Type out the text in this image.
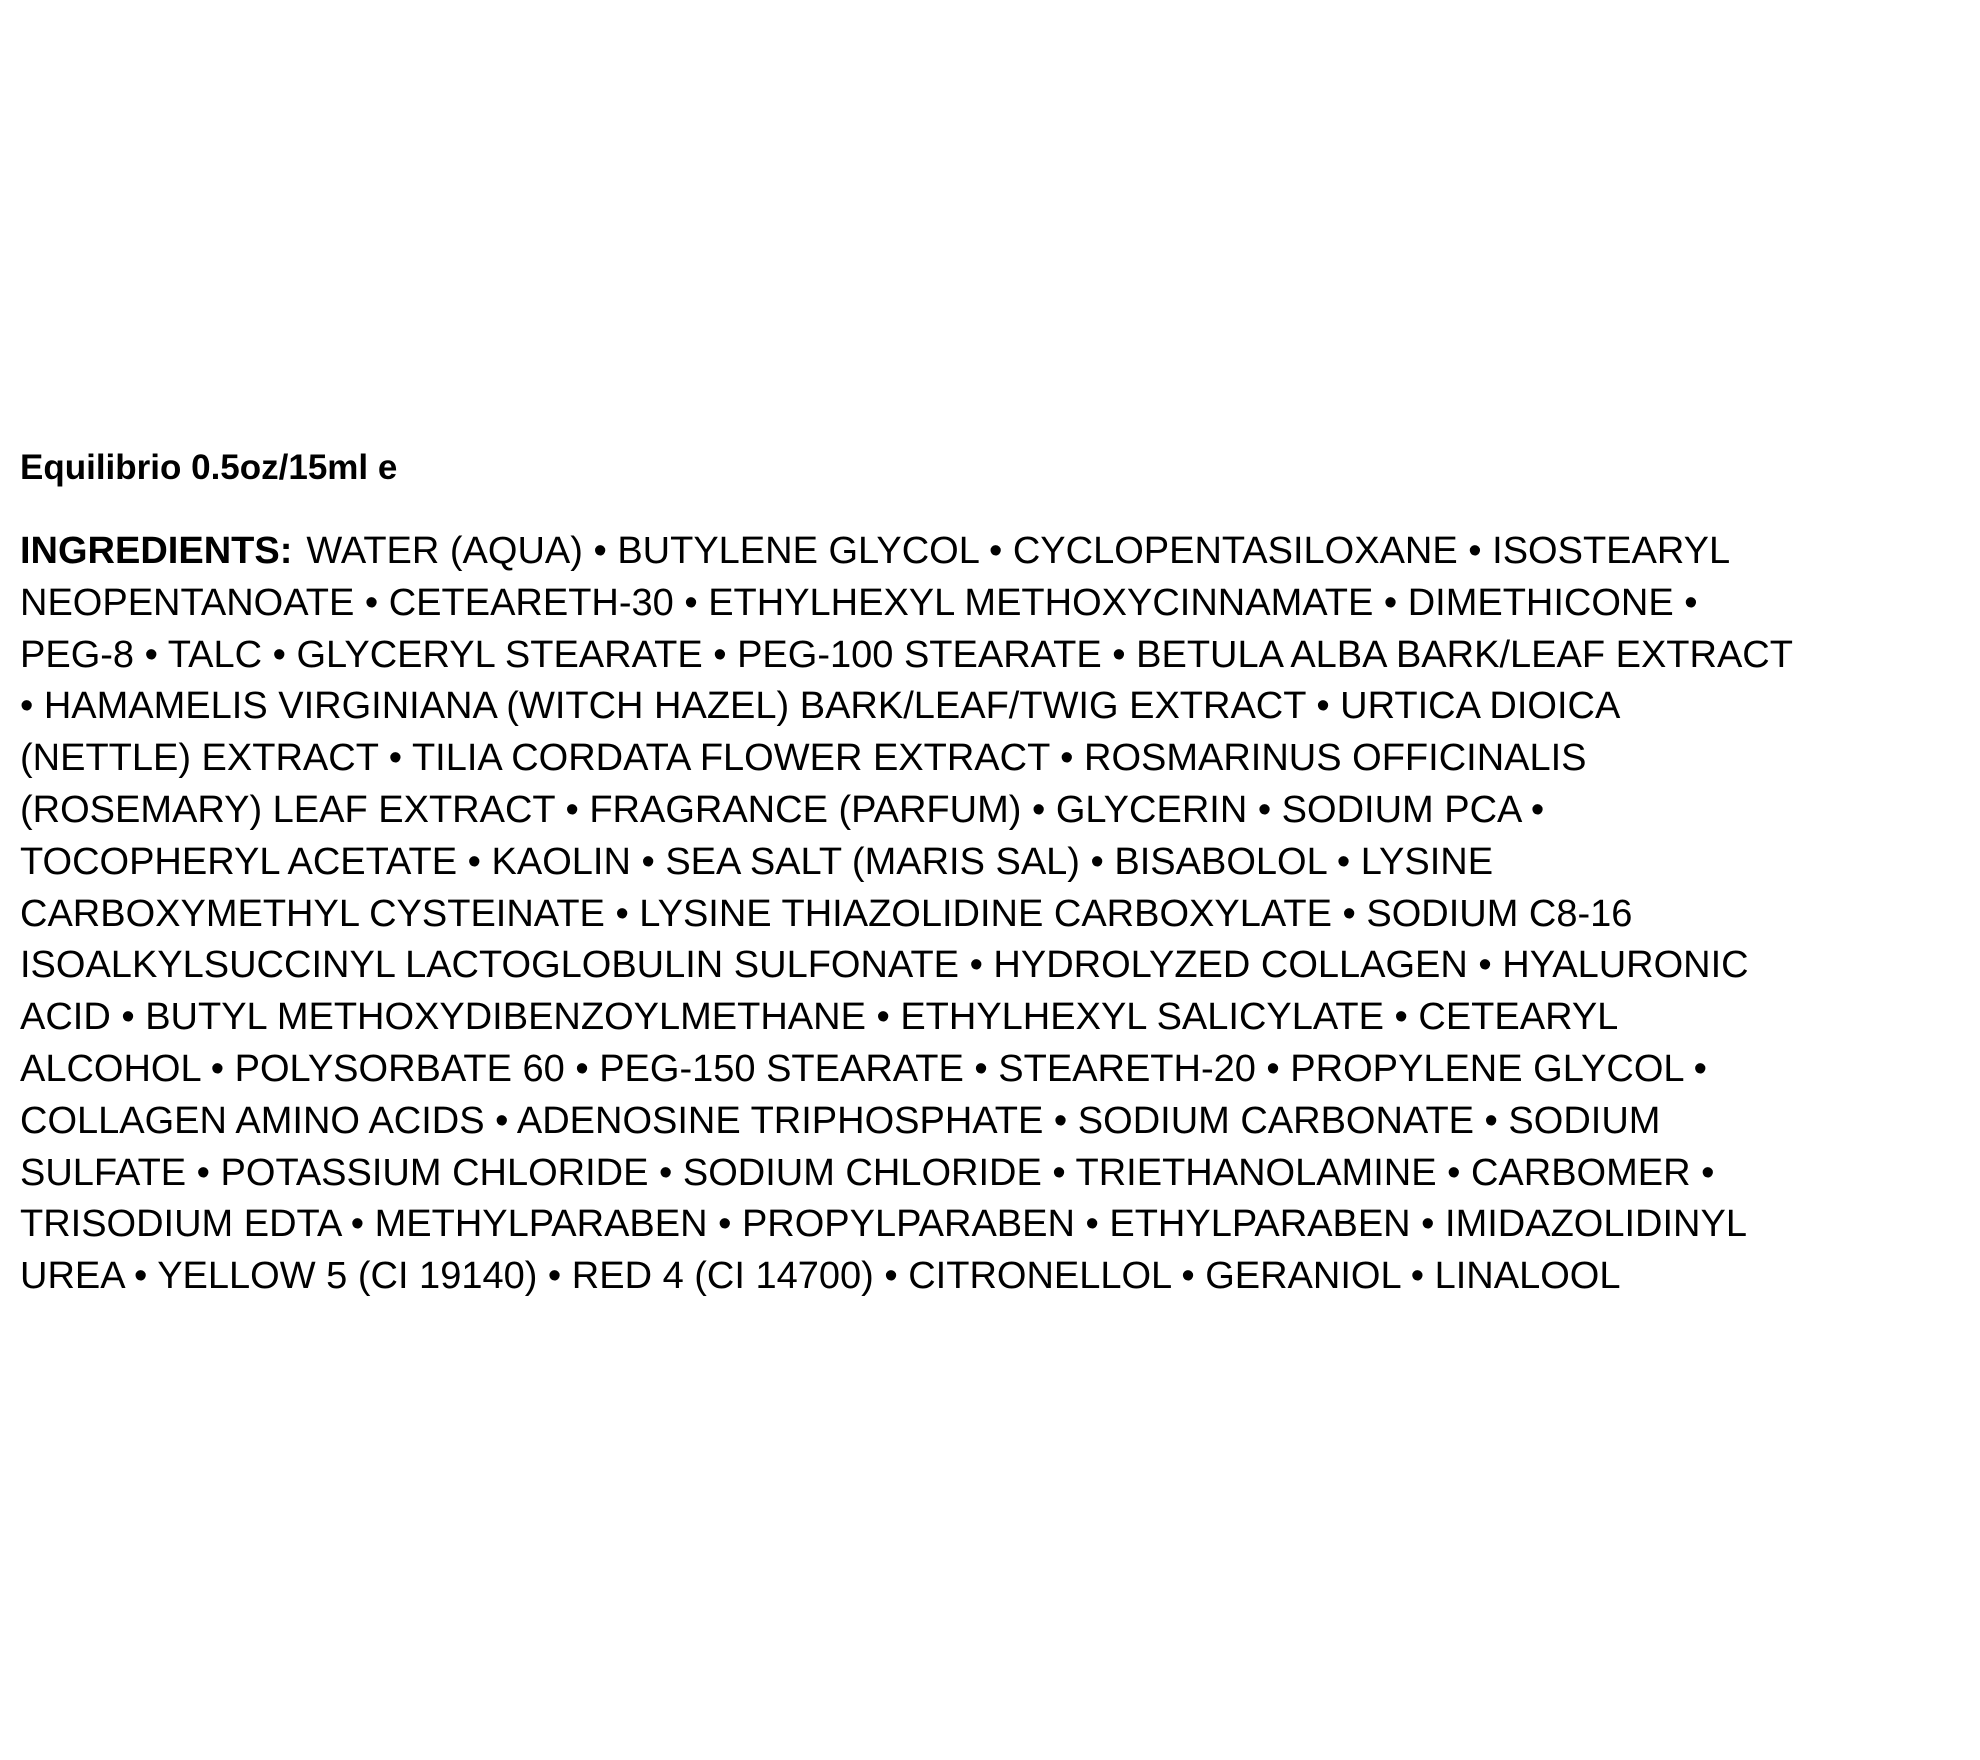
Equilibrio 0.5oz/15ml e
INGREDIENTS: WATER (AQUA) • BUTYLENE GLYCOL • CYCLOPENTASILOXANE • ISOSTEARYL
NEOPENTANOATE • CETEARETH-30 • ETHYLHEXYL METHOXYCINNAMATE • DIMETHICONE •
PEG-8 • TALC • GLYCERYL STEARATE • PEG-100 STEARATE • BETULA ALBA BARK/LEAF EXTRACT
• HAMAMELIS VIRGINIANA (WITCH HAZEL) BARK/LEAF/TWIG EXTRACT • URTICA DIOICA
(NETTLE) EXTRACT • TILIA CORDATA FLOWER EXTRACT • ROSMARINUS OFFICINALIS
(ROSEMARY) LEAF EXTRACT • FRAGRANCE (PARFUM) • GLYCERIN • SODIUM PCA •
TOCOPHERYL ACETATE • KAOLIN • SEA SALT (MARIS SAL) • BISABOLOL • LYSINE
CARBOXYMETHYL CYSTEINATE • LYSINE THIAZOLIDINE CARBOXYLATE • SODIUM C8-16
ISOALKYLSUCCINYL LACTOGLOBULIN SULFONATE • HYDROLYZED COLLAGEN • HYALURONIC
ACID • BUTYL METHOXYDIBENZOYLMETHANE • ETHYLHEXYL SALICYLATE • CETEARYL
ALCOHOL • POLYSORBATE 60 • PEG-150 STEARATE • STEARETH-20 • PROPYLENE GLYCOL •
COLLAGEN AMINO ACIDS • ADENOSINE TRIPHOSPHATE • SODIUM CARBONATE • SODIUM
SULFATE • POTASSIUM CHLORIDE • SODIUM CHLORIDE • TRIETHANOLAMINE • CARBOMER •
TRISODIUM EDTA • METHYLPARABEN • PROPYLPARABEN • ETHYLPARABEN • IMIDAZOLIDINYL
UREA • YELLOW 5 (CI 19140) • RED 4 (CI 14700) • CITRONELLOL • GERANIOL • LINALOOL
